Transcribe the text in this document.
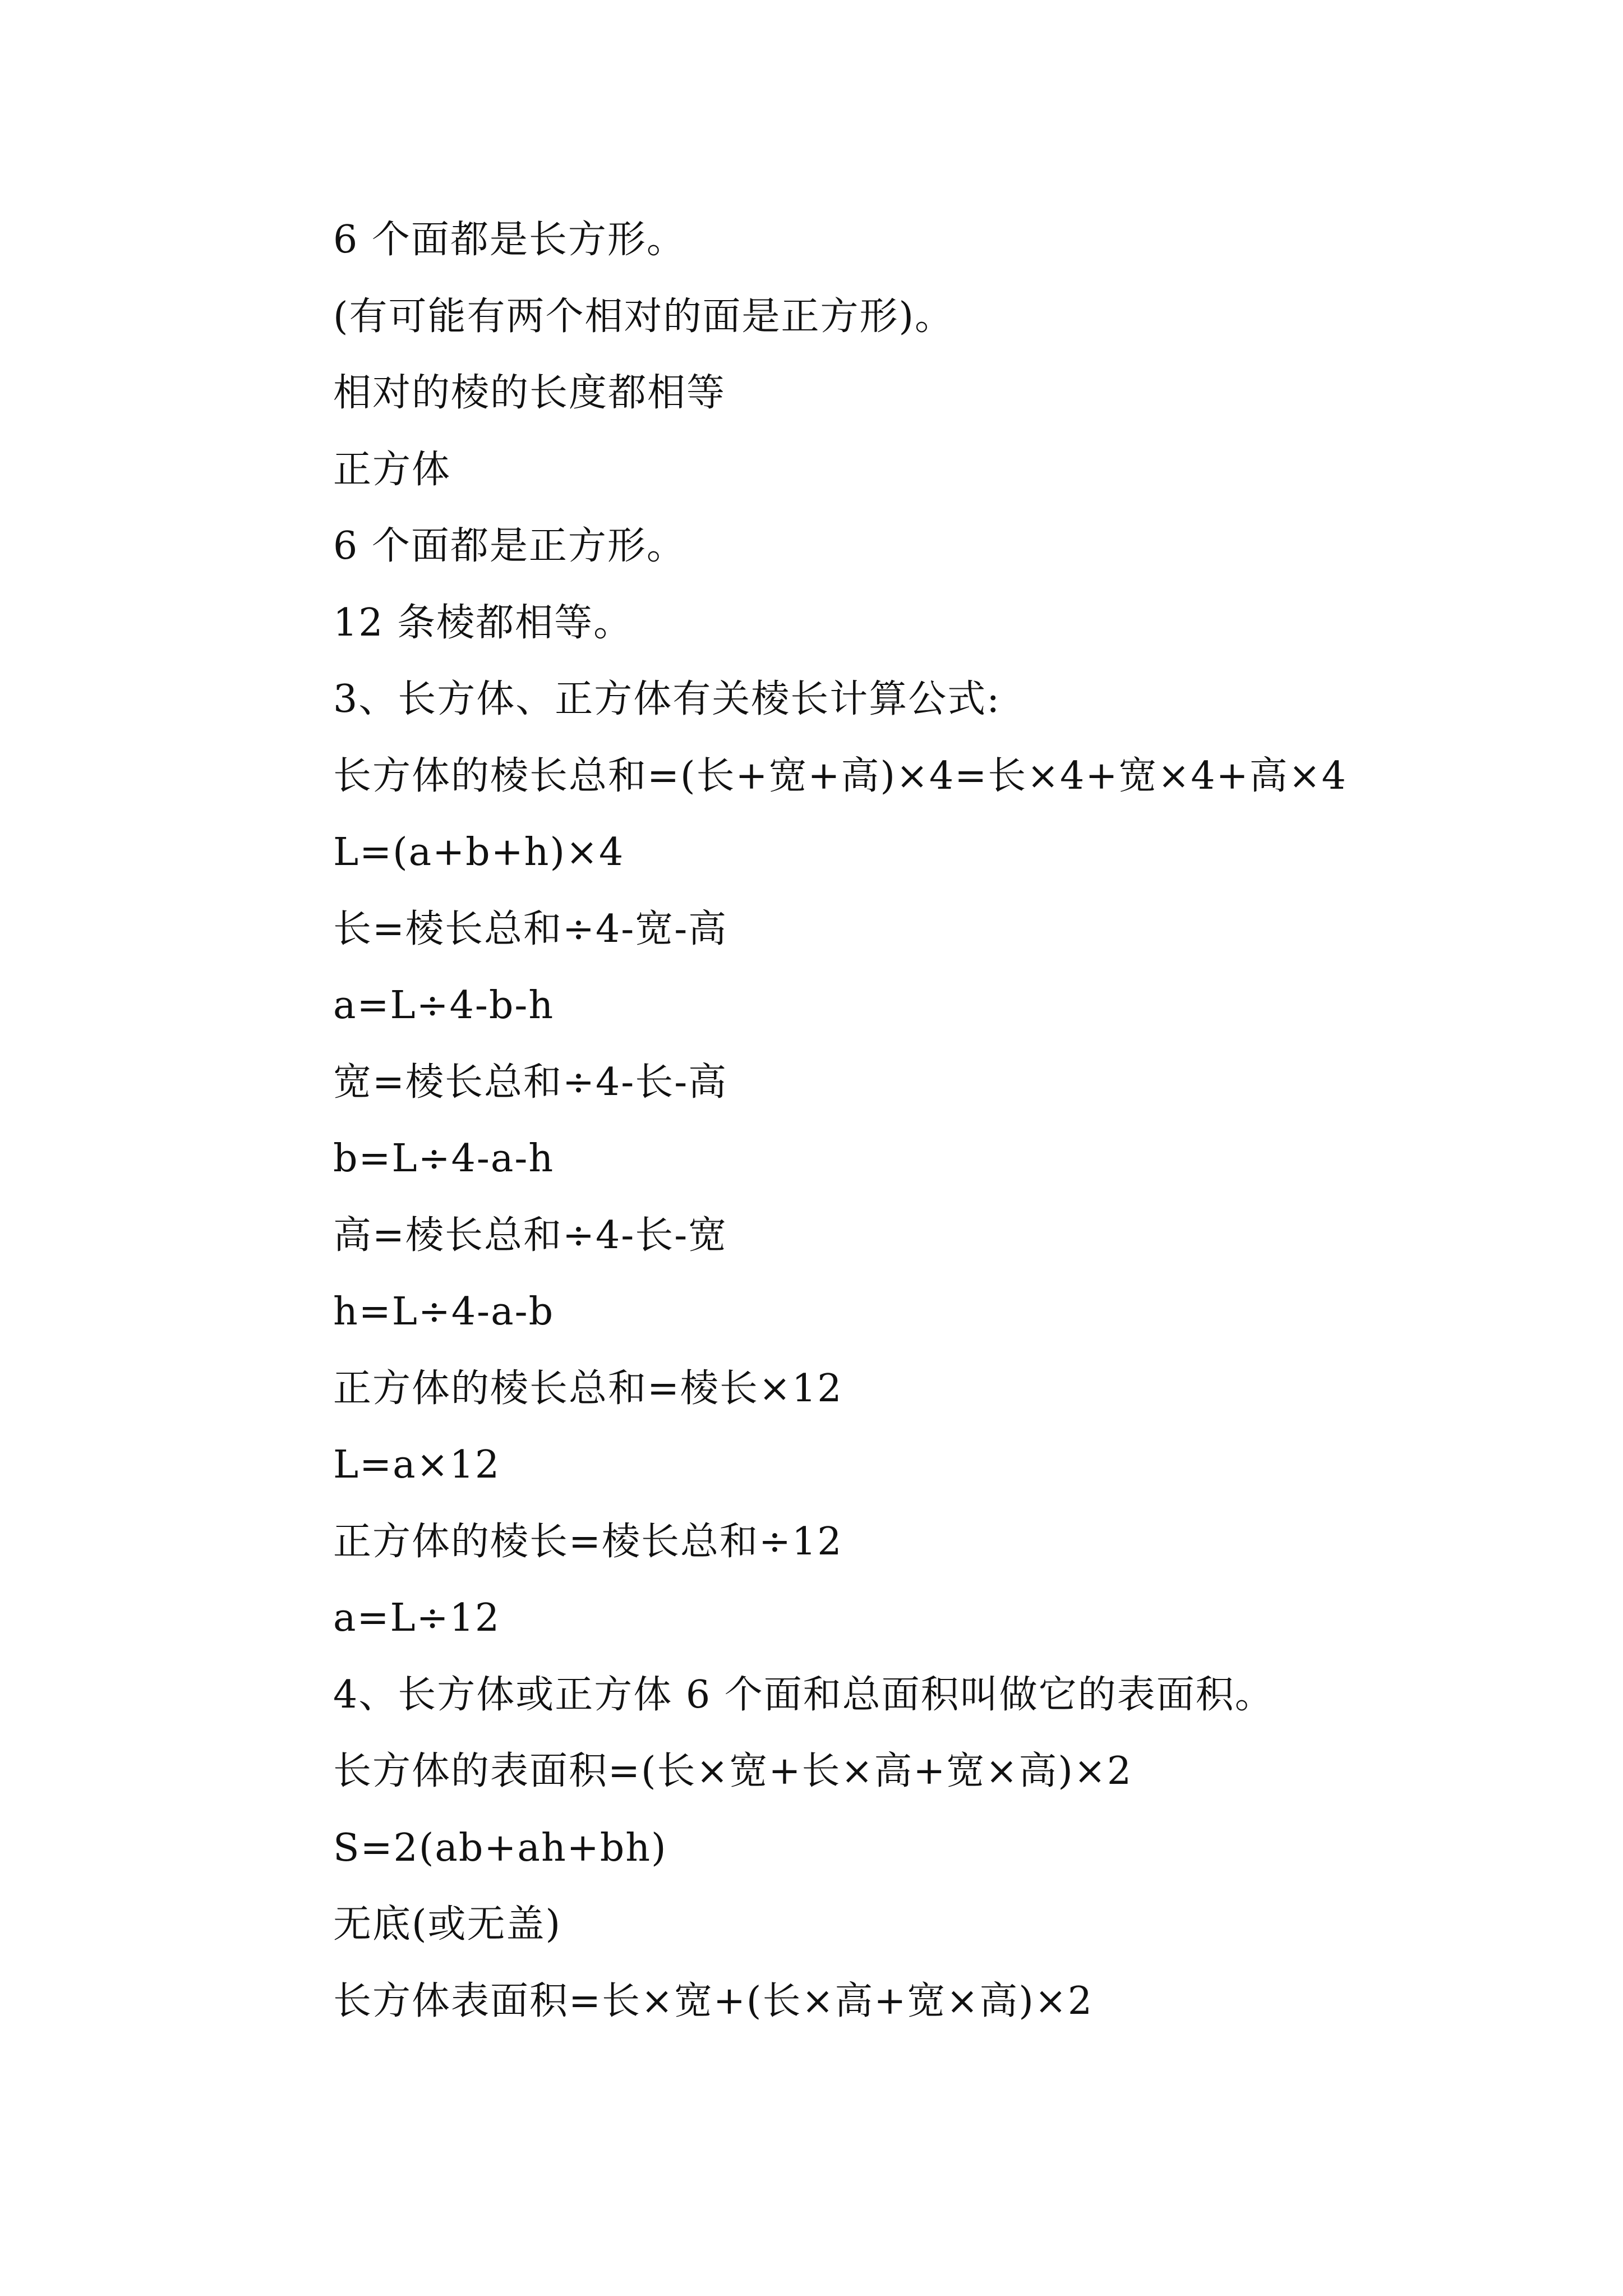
6 个面都是长方形。
(有可能有两个相对的面是正方形)。
相对的棱的长度都相等
正方体
6 个面都是正方形。
12 条棱都相等。
3、长方体、正方体有关棱长计算公式:
长方体的棱长总和=(长+宽+高)×4=长×4+宽×4+高×4
L=(a+b+h)×4
长=棱长总和÷4-宽-高
a=L÷4-b-h
宽=棱长总和÷4-长-高
b=L÷4-a-h
高=棱长总和÷4-长-宽
h=L÷4-a-b
正方体的棱长总和=棱长×12
L=a×12
正方体的棱长=棱长总和÷12
a=L÷12
4、长方体或正方体 6 个面和总面积叫做它的表面积。
长方体的表面积=(长×宽+长×高+宽×高)×2
S=2(ab+ah+bh)
无底(或无盖)
长方体表面积=长×宽+(长×高+宽×高)×2
